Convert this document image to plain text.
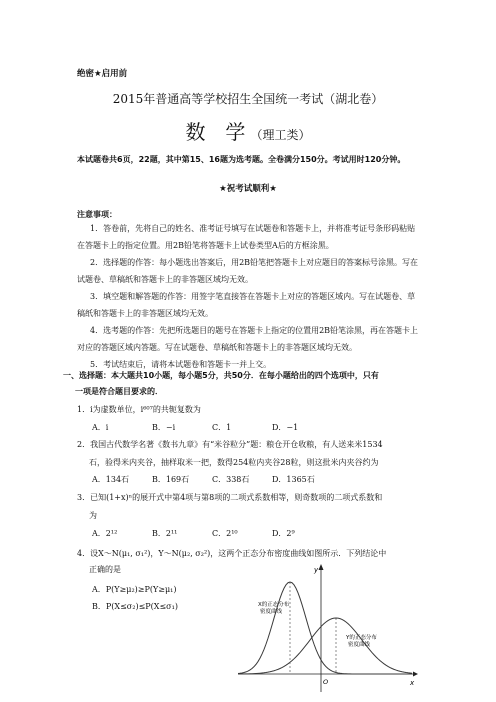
绝密★启用前
2015年普通高等学校招生全国统一考试（湖北卷）
数　学 （理工类）
本试题卷共6页，22题，其中第15、16题为选考题。全卷满分150分。考试用时120分钟。
★祝考试顺利★
注意事项：
1．答卷前，先将自己的姓名、准考证号填写在试题卷和答题卡上，并将准考证号条形码粘贴在答题卡上的指定位置。用2B铅笔将答题卡上试卷类型A后的方框涂黑。
2．选择题的作答：每小题选出答案后，用2B铅笔把答题卡上对应题目的答案标号涂黑。写在试题卷、草稿纸和答题卡上的非答题区域均无效。
3．填空题和解答题的作答：用签字笔直接答在答题卡上对应的答题区域内。写在试题卷、草稿纸和答题卡上的非答题区域均无效。
4．选考题的作答：先把所选题目的题号在答题卡上指定的位置用2B铅笔涂黑，再在答题卡上对应的答题区域内答题。写在试题卷、草稿纸和答题卡上的非答题区域均无效。
5．考试结束后，请将本试题卷和答题卡一并上交。
一、选择题：本大题共10小题，每小题5分，共50分．在每小题给出的四个选项中，只有
一项是符合题目要求的．
1．i为虚数单位，i⁶⁰⁷的共轭复数为
A．i	B．−i	C．1	D．−1
2．我国古代数学名著《数书九章》有“米谷粒分”题：粮仓开仓收粮，有人送来米1534
石，验得米内夹谷，抽样取米一把，数得254粒内夹谷28粒，则这批米内夹谷约为
A．134石	B．169石	C．338石	D．1365石
3．已知(1+x)ⁿ的展开式中第4项与第8项的二项式系数相等，则奇数项的二项式系数和
为
A．2¹²	B．2¹¹	C．2¹⁰	D．2⁹
4．设X～N(μ₁, σ₁²)，Y～N(μ₂, σ₂²)，这两个正态分布密度曲线如图所示．下列结论中
正确的是
A．P(Y≥μ₂)≥P(Y≥μ₁)
B．P(X≤σ₂)≤P(X≤σ₁)
y
x
O
X的正态分布 密度曲线
Y的正态分布 密度曲线
